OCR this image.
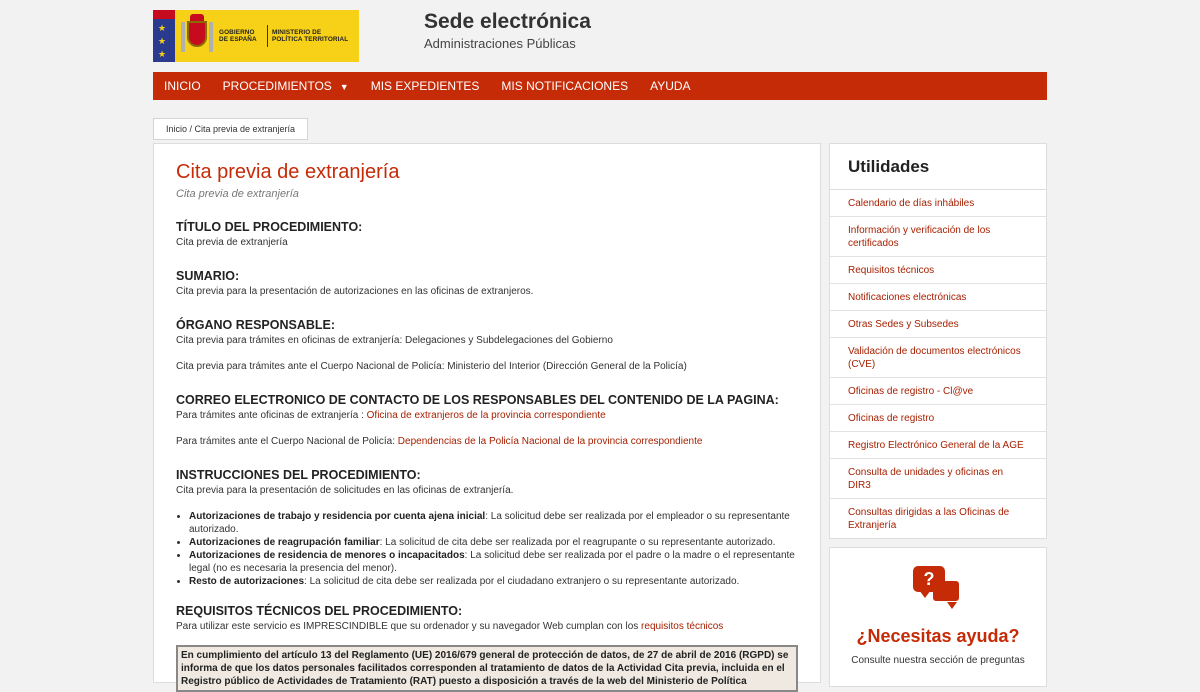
★
★
★
GOBIERNO DE ESPAÑA
MINISTERIO DE POLÍTICA TERRITORIAL
Sede electrónica
Administraciones Públicas
INICIO	PROCEDIMIENTOS ▼	MIS EXPEDIENTES	MIS NOTIFICACIONES	AYUDA
Inicio / Cita previa de extranjería
Cita previa de extranjería
Cita previa de extranjería
TÍTULO DEL PROCEDIMIENTO:
Cita previa de extranjería
SUMARIO:
Cita previa para la presentación de autorizaciones en las oficinas de extranjeros.
ÓRGANO RESPONSABLE:
Cita previa para trámites en oficinas de extranjería: Delegaciones y Subdelegaciones del Gobierno
Cita previa para trámites ante el Cuerpo Nacional de Policía: Ministerio del Interior (Dirección General de la Policía)
CORREO ELECTRONICO DE CONTACTO DE LOS RESPONSABLES DEL CONTENIDO DE LA PAGINA:
Para trámites ante oficinas de extranjería : Oficina de extranjeros de la provincia correspondiente
Para trámites ante el Cuerpo Nacional de Policía: Dependencias de la Policía Nacional de la provincia correspondiente
INSTRUCCIONES DEL PROCEDIMIENTO:
Cita previa para la presentación de solicitudes en las oficinas de extranjería.
• Autorizaciones de trabajo y residencia por cuenta ajena inicial: La solicitud debe ser realizada por el empleador o su representante autorizado.
• Autorizaciones de reagrupación familiar: La solicitud de cita debe ser realizada por el reagrupante o su representante autorizado.
• Autorizaciones de residencia de menores o incapacitados: La solicitud debe ser realizada por el padre o la madre o el representante legal (no es necesaria la presencia del menor).
• Resto de autorizaciones: La solicitud de cita debe ser realizada por el ciudadano extranjero o su representante autorizado.
REQUISITOS TÉCNICOS DEL PROCEDIMIENTO:
Para utilizar este servicio es IMPRESCINDIBLE que su ordenador y su navegador Web cumplan con los requisitos técnicos
En cumplimiento del artículo 13 del Reglamento (UE) 2016/679 general de protección de datos, de 27 de abril de 2016 (RGPD) se informa de que los datos personales facilitados corresponden al tratamiento de datos de la Actividad Cita previa, incluida en el Registro público de Actividades de Tratamiento (RAT) puesto a disposición a través de la web del Ministerio de Política
Utilidades
Calendario de días inhábiles
Información y verificación de los certificados
Requisitos técnicos
Notificaciones electrónicas
Otras Sedes y Subsedes
Validación de documentos electrónicos (CVE)
Oficinas de registro - Cl@ve
Oficinas de registro
Registro Electrónico General de la AGE
Consulta de unidades y oficinas en DIR3
Consultas dirigidas a las Oficinas de Extranjería
?
¿Necesitas ayuda?
Consulte nuestra sección de preguntas
